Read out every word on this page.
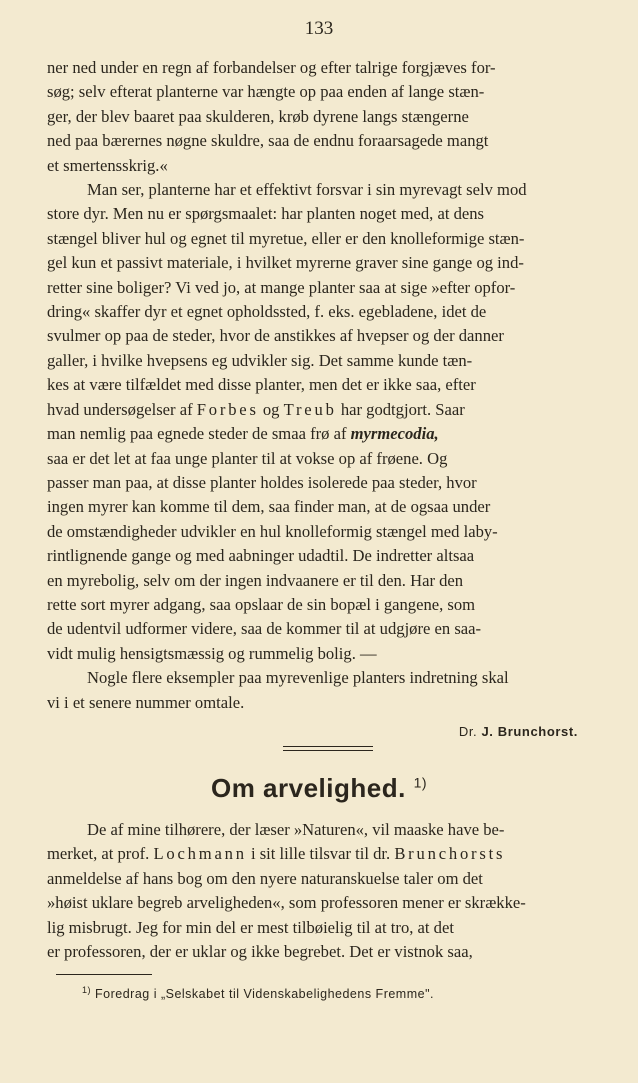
133
ner ned under en regn af forbandelser og efter talrige forgjæves for-
søg; selv efterat planterne var hængte op paa enden af lange stæn-
ger, der blev baaret paa skulderen, krøb dyrene langs stængerne
ned paa bærernes nøgne skuldre, saa de endnu foraarsagede mangt
et smertensskrig.«
Man ser, planterne har et effektivt forsvar i sin myrevagt selv mod
store dyr. Men nu er spørgsmaalet: har planten noget med, at dens
stængel bliver hul og egnet til myretue, eller er den knolleformige stæn-
gel kun et passivt materiale, i hvilket myrerne graver sine gange og ind-
retter sine boliger? Vi ved jo, at mange planter saa at sige »efter opfor-
dring« skaffer dyr et egnet opholdssted, f. eks. egebladene, idet de
svulmer op paa de steder, hvor de anstikkes af hvepser og der danner
galler, i hvilke hvepsens eg udvikler sig. Det samme kunde tæn-
kes at være tilfældet med disse planter, men det er ikke saa, efter
hvad undersøgelser af Forbes og Treub har godtgjort. Saar
man nemlig paa egnede steder de smaa frø af myrmecodia,
saa er det let at faa unge planter til at vokse op af frøene. Og
passer man paa, at disse planter holdes isolerede paa steder, hvor
ingen myrer kan komme til dem, saa finder man, at de ogsaa under
de omstændigheder udvikler en hul knolleformig stængel med laby-
rintlignende gange og med aabninger udadtil. De indretter altsaa
en myrebolig, selv om der ingen indvaanere er til den. Har den
rette sort myrer adgang, saa opslaar de sin bopæl i gangene, som
de udentvil udformer videre, saa de kommer til at udgjøre en saa-
vidt mulig hensigtsmæssig og rummelig bolig. —
Nogle flere eksempler paa myrevenlige planters indretning skal
vi i et senere nummer omtale.
Dr. J. Brunchorst.
Om arvelighed. $^{1)}$
De af mine tilhørere, der læser »Naturen«, vil maaske have be-
merket, at prof. Lochmann i sit lille tilsvar til dr. Brunchorsts
anmeldelse af hans bog om den nyere naturanskuelse taler om det
»høist uklare begreb arveligheden«, som professoren mener er skrække-
lig misbrugt. Jeg for min del er mest tilbøielig til at tro, at det
er professoren, der er uklar og ikke begrebet. Det er vistnok saa,
$^{1)}$ Foredrag i „Selskabet til Videnskabelighedens Fremme".
